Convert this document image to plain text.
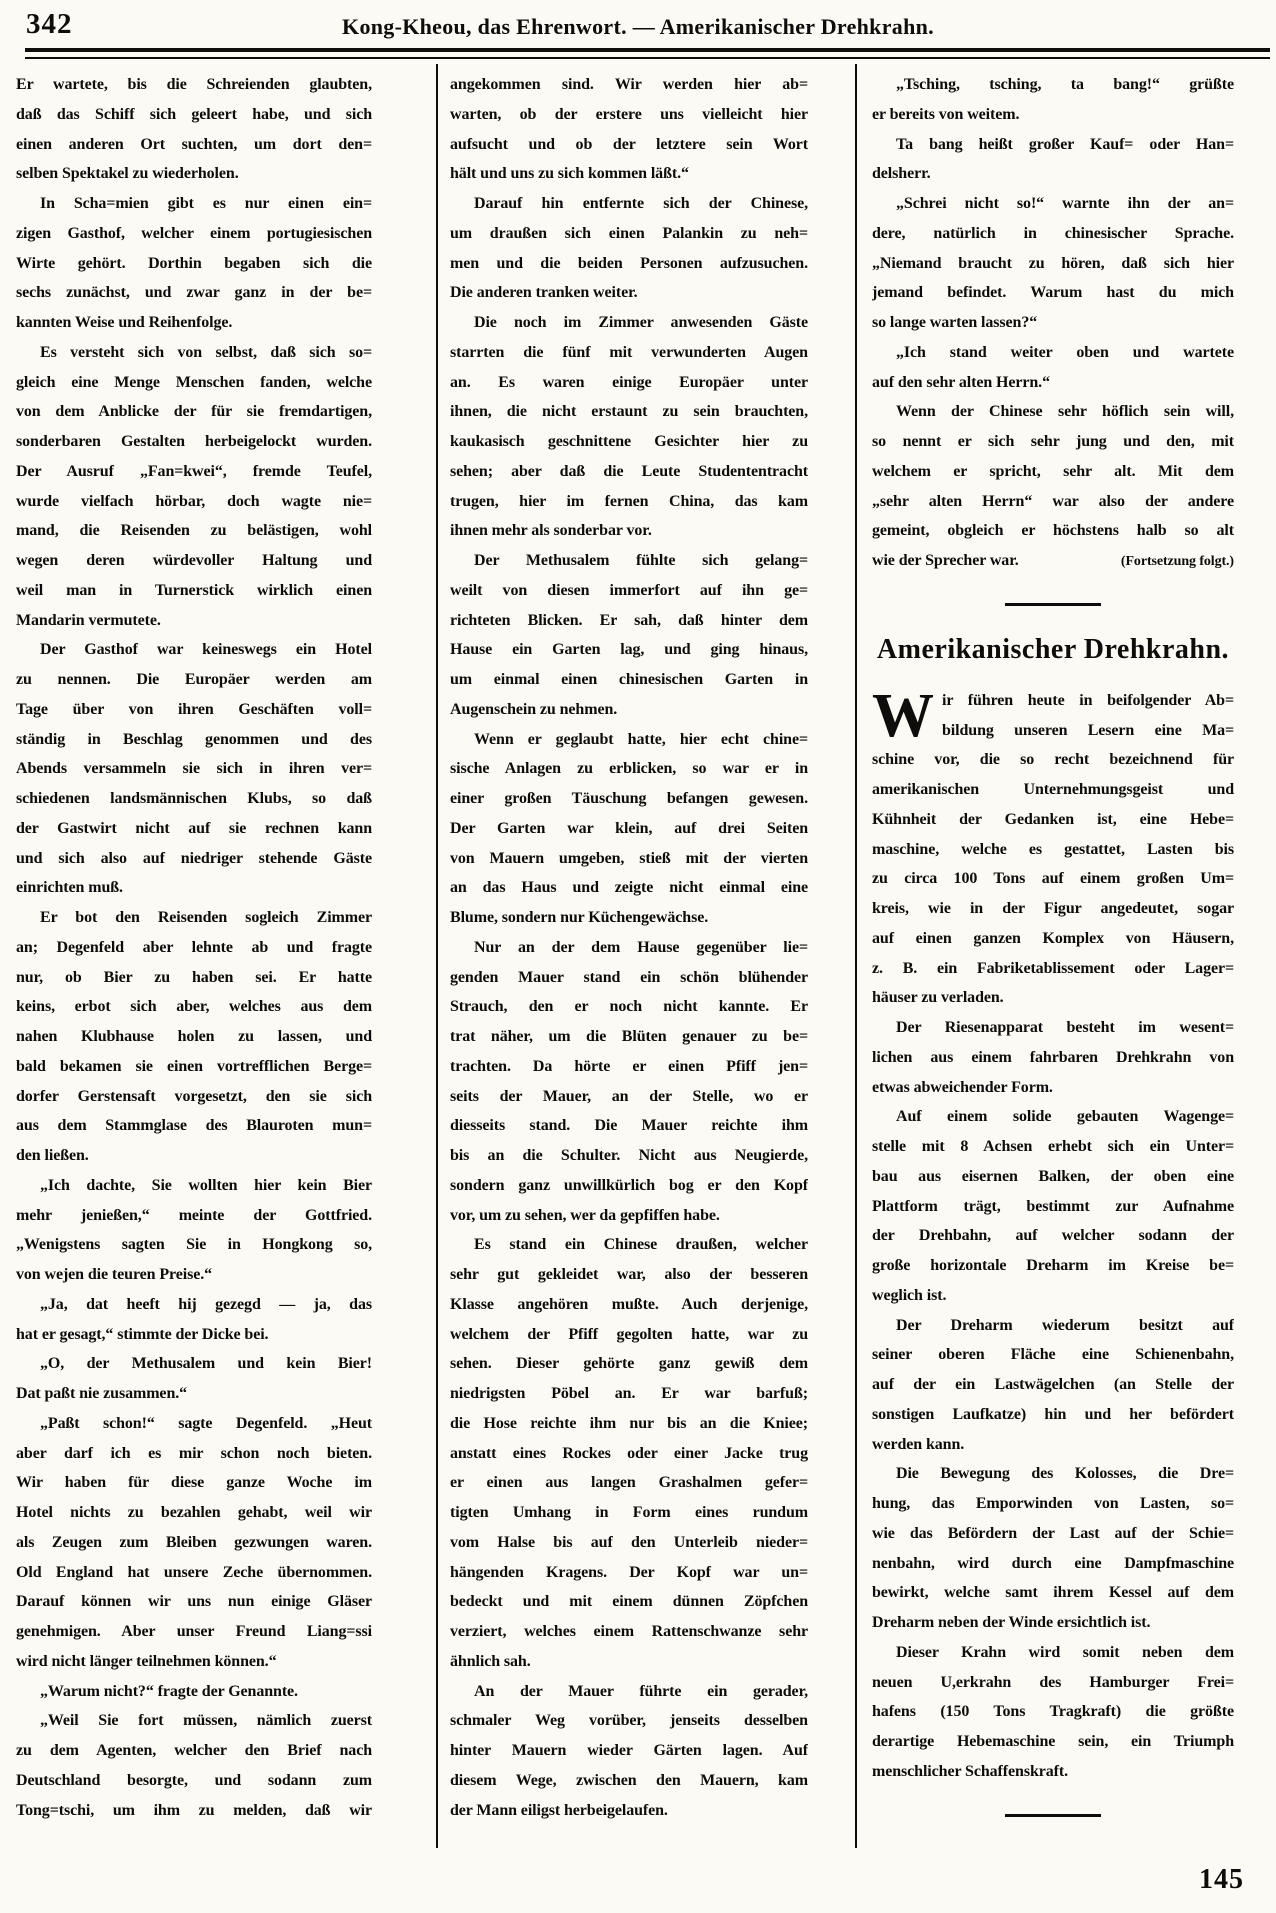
342	Kong-Kheou, das Ehrenwort. — Amerikanischer Drehkrahn.
Er wartete, bis die Schreienden glaubten,
daß das Schiff sich geleert habe, und sich
einen anderen Ort suchten, um dort den=
selben Spektakel zu wiederholen.
In Scha=mien gibt es nur einen ein=
zigen Gasthof, welcher einem portugiesischen
Wirte gehört. Dorthin begaben sich die
sechs zunächst, und zwar ganz in der be=
kannten Weise und Reihenfolge.
Es versteht sich von selbst, daß sich so=
gleich eine Menge Menschen fanden, welche
von dem Anblicke der für sie fremdartigen,
sonderbaren Gestalten herbeigelockt wurden.
Der Ausruf „Fan=kwei“, fremde Teufel,
wurde vielfach hörbar, doch wagte nie=
mand, die Reisenden zu belästigen, wohl
wegen deren würdevoller Haltung und
weil man in Turnerstick wirklich einen
Mandarin vermutete.
Der Gasthof war keineswegs ein Hotel
zu nennen. Die Europäer werden am
Tage über von ihren Geschäften voll=
ständig in Beschlag genommen und des
Abends versammeln sie sich in ihren ver=
schiedenen landsmännischen Klubs, so daß
der Gastwirt nicht auf sie rechnen kann
und sich also auf niedriger stehende Gäste
einrichten muß.
Er bot den Reisenden sogleich Zimmer
an; Degenfeld aber lehnte ab und fragte
nur, ob Bier zu haben sei. Er hatte
keins, erbot sich aber, welches aus dem
nahen Klubhause holen zu lassen, und
bald bekamen sie einen vortrefflichen Berge=
dorfer Gerstensaft vorgesetzt, den sie sich
aus dem Stammglase des Blauroten mun=
den ließen.
„Ich dachte, Sie wollten hier kein Bier
mehr jenießen,“ meinte der Gottfried.
„Wenigstens sagten Sie in Hongkong so,
von wejen die teuren Preise.“
„Ja, dat heeft hij gezegd — ja, das
hat er gesagt,“ stimmte der Dicke bei.
„O, der Methusalem und kein Bier!
Dat paßt nie zusammen.“
„Paßt schon!“ sagte Degenfeld. „Heut
aber darf ich es mir schon noch bieten.
Wir haben für diese ganze Woche im
Hotel nichts zu bezahlen gehabt, weil wir
als Zeugen zum Bleiben gezwungen waren.
Old England hat unsere Zeche übernommen.
Darauf können wir uns nun einige Gläser
genehmigen. Aber unser Freund Liang=ssi
wird nicht länger teilnehmen können.“
„Warum nicht?“ fragte der Genannte.
„Weil Sie fort müssen, nämlich zuerst
zu dem Agenten, welcher den Brief nach
Deutschland besorgte, und sodann zum
Tong=tschi, um ihm zu melden, daß wir
angekommen sind. Wir werden hier ab=
warten, ob der erstere uns vielleicht hier
aufsucht und ob der letztere sein Wort
hält und uns zu sich kommen läßt.“
Darauf hin entfernte sich der Chinese,
um draußen sich einen Palankin zu neh=
men und die beiden Personen aufzusuchen.
Die anderen tranken weiter.
Die noch im Zimmer anwesenden Gäste
starrten die fünf mit verwunderten Augen
an. Es waren einige Europäer unter
ihnen, die nicht erstaunt zu sein brauchten,
kaukasisch geschnittene Gesichter hier zu
sehen; aber daß die Leute Studententracht
trugen, hier im fernen China, das kam
ihnen mehr als sonderbar vor.
Der Methusalem fühlte sich gelang=
weilt von diesen immerfort auf ihn ge=
richteten Blicken. Er sah, daß hinter dem
Hause ein Garten lag, und ging hinaus,
um einmal einen chinesischen Garten in
Augenschein zu nehmen.
Wenn er geglaubt hatte, hier echt chine=
sische Anlagen zu erblicken, so war er in
einer großen Täuschung befangen gewesen.
Der Garten war klein, auf drei Seiten
von Mauern umgeben, stieß mit der vierten
an das Haus und zeigte nicht einmal eine
Blume, sondern nur Küchengewächse.
Nur an der dem Hause gegenüber lie=
genden Mauer stand ein schön blühender
Strauch, den er noch nicht kannte. Er
trat näher, um die Blüten genauer zu be=
trachten. Da hörte er einen Pfiff jen=
seits der Mauer, an der Stelle, wo er
diesseits stand. Die Mauer reichte ihm
bis an die Schulter. Nicht aus Neugierde,
sondern ganz unwillkürlich bog er den Kopf
vor, um zu sehen, wer da gepfiffen habe.
Es stand ein Chinese draußen, welcher
sehr gut gekleidet war, also der besseren
Klasse angehören mußte. Auch derjenige,
welchem der Pfiff gegolten hatte, war zu
sehen. Dieser gehörte ganz gewiß dem
niedrigsten Pöbel an. Er war barfuß;
die Hose reichte ihm nur bis an die Kniee;
anstatt eines Rockes oder einer Jacke trug
er einen aus langen Grashalmen gefer=
tigten Umhang in Form eines rundum
vom Halse bis auf den Unterleib nieder=
hängenden Kragens. Der Kopf war un=
bedeckt und mit einem dünnen Zöpfchen
verziert, welches einem Rattenschwanze sehr
ähnlich sah.
An der Mauer führte ein gerader,
schmaler Weg vorüber, jenseits desselben
hinter Mauern wieder Gärten lagen. Auf
diesem Wege, zwischen den Mauern, kam
der Mann eiligst herbeigelaufen.
„Tsching, tsching, ta bang!“ grüßte
er bereits von weitem.
Ta bang heißt großer Kauf= oder Han=
delsherr.
„Schrei nicht so!“ warnte ihn der an=
dere, natürlich in chinesischer Sprache.
„Niemand braucht zu hören, daß sich hier
jemand befindet. Warum hast du mich
so lange warten lassen?“
„Ich stand weiter oben und wartete
auf den sehr alten Herrn.“
Wenn der Chinese sehr höflich sein will,
so nennt er sich sehr jung und den, mit
welchem er spricht, sehr alt. Mit dem
„sehr alten Herrn“ war also der andere
gemeint, obgleich er höchstens halb so alt
wie der Sprecher war.	(Fortsetzung folgt.)
Amerikanischer Drehkrahn.
W ir führen heute in beifolgender Ab=
bildung unseren Lesern eine Ma=
schine vor, die so recht bezeichnend für
amerikanischen Unternehmungsgeist und
Kühnheit der Gedanken ist, eine Hebe=
maschine, welche es gestattet, Lasten bis
zu circa 100 Tons auf einem großen Um=
kreis, wie in der Figur angedeutet, sogar
auf einen ganzen Komplex von Häusern,
z. B. ein Fabriketablissement oder Lager=
häuser zu verladen.
Der Riesenapparat besteht im wesent=
lichen aus einem fahrbaren Drehkrahn von
etwas abweichender Form.
Auf einem solide gebauten Wagenge=
stelle mit 8 Achsen erhebt sich ein Unter=
bau aus eisernen Balken, der oben eine
Plattform trägt, bestimmt zur Aufnahme
der Drehbahn, auf welcher sodann der
große horizontale Dreharm im Kreise be=
weglich ist.
Der Dreharm wiederum besitzt auf
seiner oberen Fläche eine Schienenbahn,
auf der ein Lastwägelchen (an Stelle der
sonstigen Laufkatze) hin und her befördert
werden kann.
Die Bewegung des Kolosses, die Dre=
hung, das Emporwinden von Lasten, so=
wie das Befördern der Last auf der Schie=
nenbahn, wird durch eine Dampfmaschine
bewirkt, welche samt ihrem Kessel auf dem
Dreharm neben der Winde ersichtlich ist.
Dieser Krahn wird somit neben dem
neuen U,erkrahn des Hamburger Frei=
hafens (150 Tons Tragkraft) die größte
derartige Hebemaschine sein, ein Triumph
menschlicher Schaffenskraft.
145
